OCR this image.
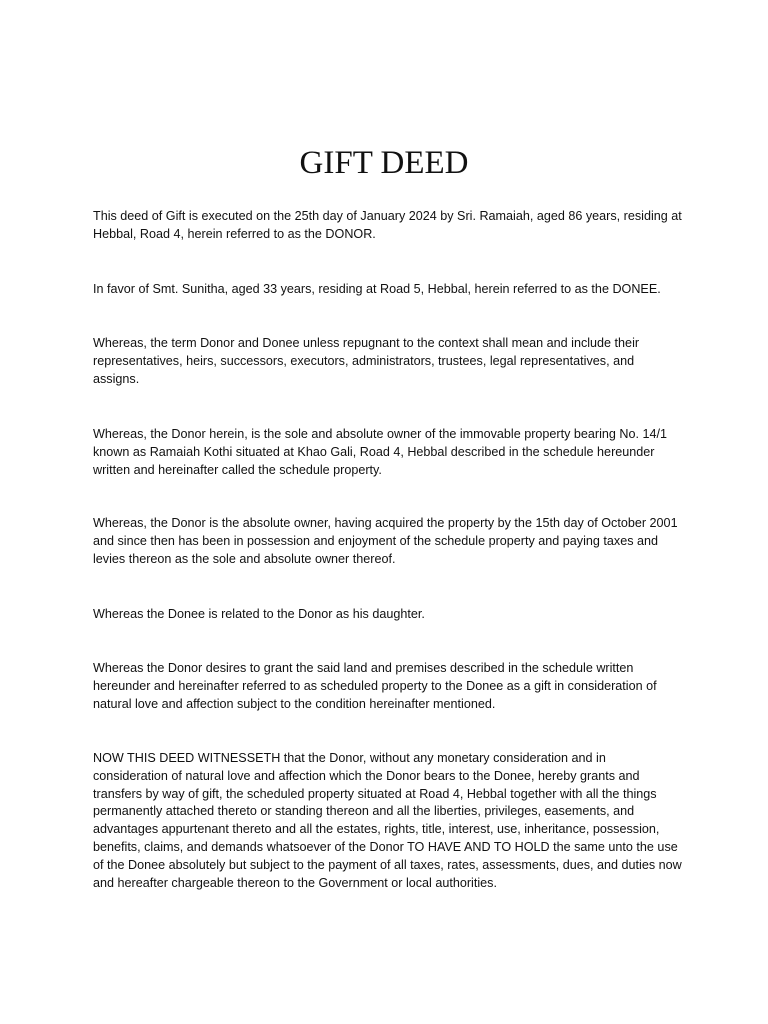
GIFT DEED

This deed of Gift is executed on the 25th day of January 2024 by Sri. Ramaiah, aged 86 years, residing at Hebbal, Road 4, herein referred to as the DONOR.

In favor of Smt. Sunitha, aged 33 years, residing at Road 5, Hebbal, herein referred to as the DONEE.

Whereas, the term Donor and Donee unless repugnant to the context shall mean and include their representatives, heirs, successors, executors, administrators, trustees, legal representatives, and assigns.

Whereas, the Donor herein, is the sole and absolute owner of the immovable property bearing No. 14/1 known as Ramaiah Kothi situated at Khao Gali, Road 4, Hebbal described in the schedule hereunder written and hereinafter called the schedule property.

Whereas, the Donor is the absolute owner, having acquired the property by the 15th day of October 2001 and since then has been in possession and enjoyment of the schedule property and paying taxes and levies thereon as the sole and absolute owner thereof.

Whereas the Donee is related to the Donor as his daughter.

Whereas the Donor desires to grant the said land and premises described in the schedule written hereunder and hereinafter referred to as scheduled property to the Donee as a gift in consideration of natural love and affection subject to the condition hereinafter mentioned.

NOW THIS DEED WITNESSETH that the Donor, without any monetary consideration and in consideration of natural love and affection which the Donor bears to the Donee, hereby grants and transfers by way of gift, the scheduled property situated at Road 4, Hebbal together with all the things permanently attached thereto or standing thereon and all the liberties, privileges, easements, and advantages appurtenant thereto and all the estates, rights, title, interest, use, inheritance, possession, benefits, claims, and demands whatsoever of the Donor TO HAVE AND TO HOLD the same unto the use of the Donee absolutely but subject to the payment of all taxes, rates, assessments, dues, and duties now and hereafter chargeable thereon to the Government or local authorities.
